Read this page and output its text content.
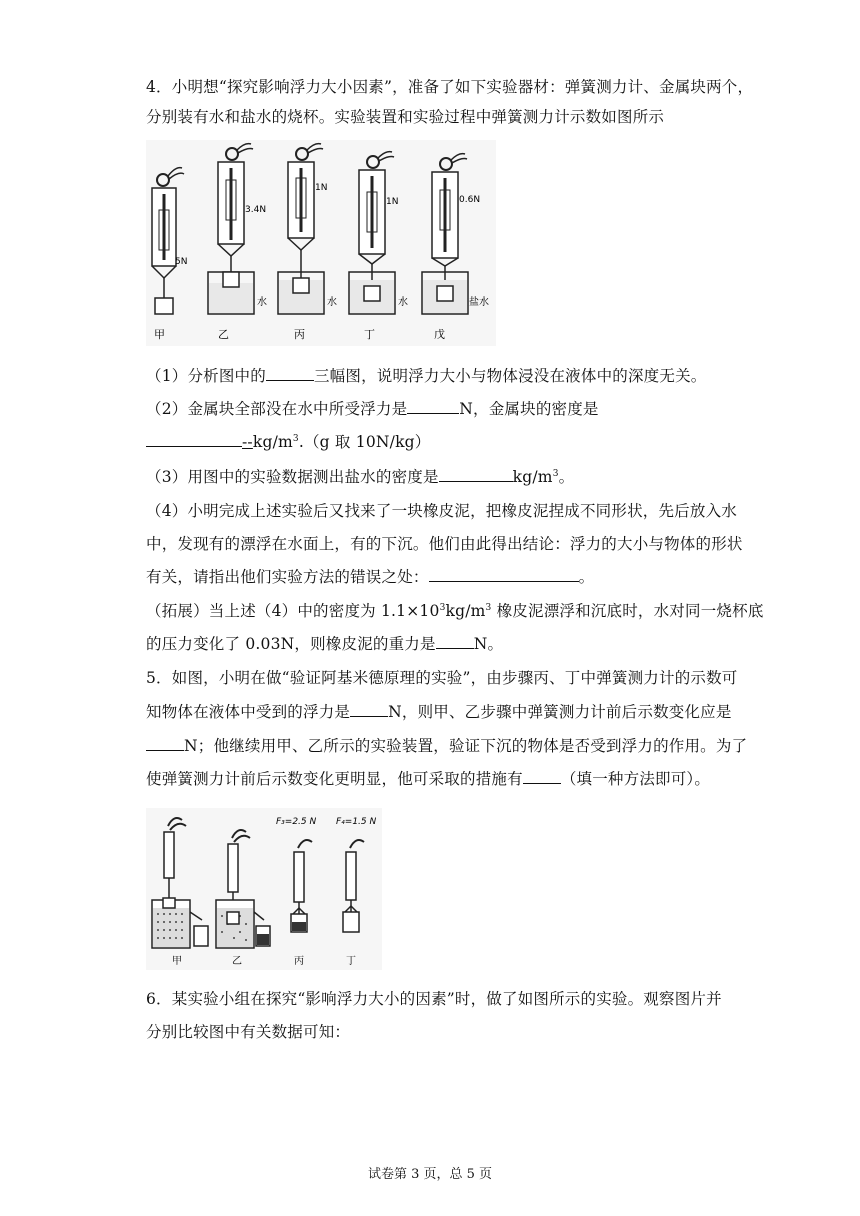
4．小明想“探究影响浮力大小因素”，准备了如下实验器材：弹簧测力计、金属块两个，
分别装有水和盐水的烧杯。实验装置和实验过程中弹簧测力计示数如图所示
5N
3.4N
水
1N
水
1N
水
0.6N
盐水
甲	乙	丙	丁	戊
（1）分析图中的	三幅图，说明浮力大小与物体浸没在液体中的深度无关。
（2）金属块全部没在水中所受浮力是	N，金属块的密度是
$--kg/m^3.(g$ 取 10N/kg）
（3）用图中的实验数据测出盐水的密度是	$kg/m^3$。
（4）小明完成上述实验后又找来了一块橡皮泥，把橡皮泥捏成不同形状，先后放入水
中，发现有的漂浮在水面上，有的下沉。他们由此得出结论：浮力的大小与物体的形状
有关，请指出他们实验方法的错误之处：	。
（拓展）当上述（4）中的密度为 $1.1\times 10^3kg/m^3$ 橡皮泥漂浮和沉底时，水对同一烧杯底
的压力变化了 0.03N，则橡皮泥的重力是 N。
5．如图，小明在做“验证阿基米德原理的实验”，由步骤丙、丁中弹簧测力计的示数可
知物体在液体中受到的浮力是 N，则甲、乙步骤中弹簧测力计前后示数变化应是
N；他继续用甲、乙所示的实验装置，验证下沉的物体是否受到浮力的作用。为了
使弹簧测力计前后示数变化更明显，他可采取的措施有 （填一种方法即可）。
F₃=2.5 N F₄=1.5 N
甲	乙	丙	丁
6．某实验小组在探究“影响浮力大小的因素”时，做了如图所示的实验。观察图片并
分别比较图中有关数据可知：
试卷第 3 页，总 5 页
